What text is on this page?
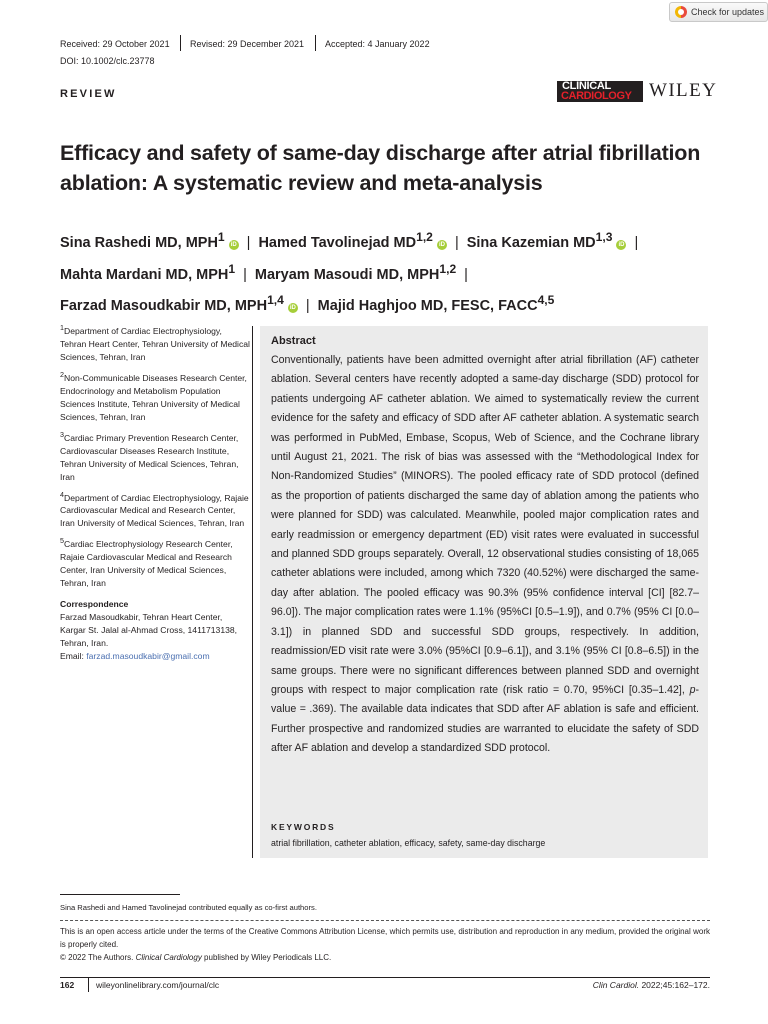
Check for updates
Received: 29 October 2021 Revised: 29 December 2021 Accepted: 4 January 2022
DOI: 10.1002/clc.23778
REVIEW
CLINICAL
CARDIOLOGY WILEY
Efficacy and safety of same-day discharge after atrial fibrillation ablation: A systematic review and meta-analysis
Sina Rashedi MD, MPH$^1$ iD | Hamed Tavolinejad MD$^{1,2}$ iD | Sina Kazemian MD$^{1,3}$ iD |
Mahta Mardani MD, MPH$^1$ | Maryam Masoudi MD, MPH$^{1,2}$ |
Farzad Masoudkabir MD, MPH$^{1,4}$ iD | Majid Haghjoo MD, FESC, FACC$^{4,5}$
$^1$Department of Cardiac Electrophysiology, Tehran Heart Center, Tehran University of Medical Sciences, Tehran, Iran
$^2$Non-Communicable Diseases Research Center, Endocrinology and Metabolism Population Sciences Institute, Tehran University of Medical Sciences, Tehran, Iran
$^3$Cardiac Primary Prevention Research Center, Cardiovascular Diseases Research Institute, Tehran University of Medical Sciences, Tehran, Iran
$^4$Department of Cardiac Electrophysiology, Rajaie Cardiovascular Medical and Research Center, Iran University of Medical Sciences, Tehran, Iran
$^5$Cardiac Electrophysiology Research Center, Rajaie Cardiovascular Medical and Research Center, Iran University of Medical Sciences, Tehran, Iran
Correspondence
Farzad Masoudkabir, Tehran Heart Center, Kargar St. Jalal al-Ahmad Cross, 1411713138, Tehran, Iran.
Email: farzad.masoudkabir@gmail.com
Abstract
Conventionally, patients have been admitted overnight after atrial fibrillation (AF) catheter ablation. Several centers have recently adopted a same-day discharge (SDD) protocol for patients undergoing AF catheter ablation. We aimed to systematically review the current evidence for the safety and efficacy of SDD after AF catheter ablation. A systematic search was performed in PubMed, Embase, Scopus, Web of Science, and the Cochrane library until August 21, 2021. The risk of bias was assessed with the “Methodological Index for Non-Randomized Studies” (MINORS). The pooled efficacy rate of SDD protocol (defined as the proportion of patients discharged the same day of ablation among the patients who were planned for SDD) was calculated. Meanwhile, pooled major complication rates and early readmission or emergency department (ED) visit rates were evaluated in successful and planned SDD groups separately. Overall, 12 observational studies consisting of 18,065 catheter ablations were included, among which 7320 (40.52%) were discharged the same-day after ablation. The pooled efficacy was 90.3% (95% confidence interval [CI] [82.7–96.0]). The major complication rates were 1.1% (95%CI [0.5–1.9]), and 0.7% (95% CI [0.0–3.1]) in planned SDD and successful SDD groups, respectively. In addition, readmission/ED visit rate were 3.0% (95%CI [0.9–6.1]), and 3.1% (95% CI [0.8–6.5]) in the same groups. There were no significant differences between planned SDD and overnight groups with respect to major complication rate (risk ratio = 0.70, 95%CI [0.35–1.42], p-value = .369). The available data indicates that SDD after AF ablation is safe and efficient. Further prospective and randomized studies are warranted to elucidate the safety of SDD after AF ablation and develop a standardized SDD protocol.
KEYWORDS
atrial fibrillation, catheter ablation, efficacy, safety, same-day discharge
Sina Rashedi and Hamed Tavolinejad contributed equally as co-first authors.
This is an open access article under the terms of the Creative Commons Attribution License, which permits use, distribution and reproduction in any medium, provided the original work is properly cited.
© 2022 The Authors. Clinical Cardiology published by Wiley Periodicals LLC.
162	wileyonlinelibrary.com/journal/clc	Clin Cardiol. 2022;45:162–172.
